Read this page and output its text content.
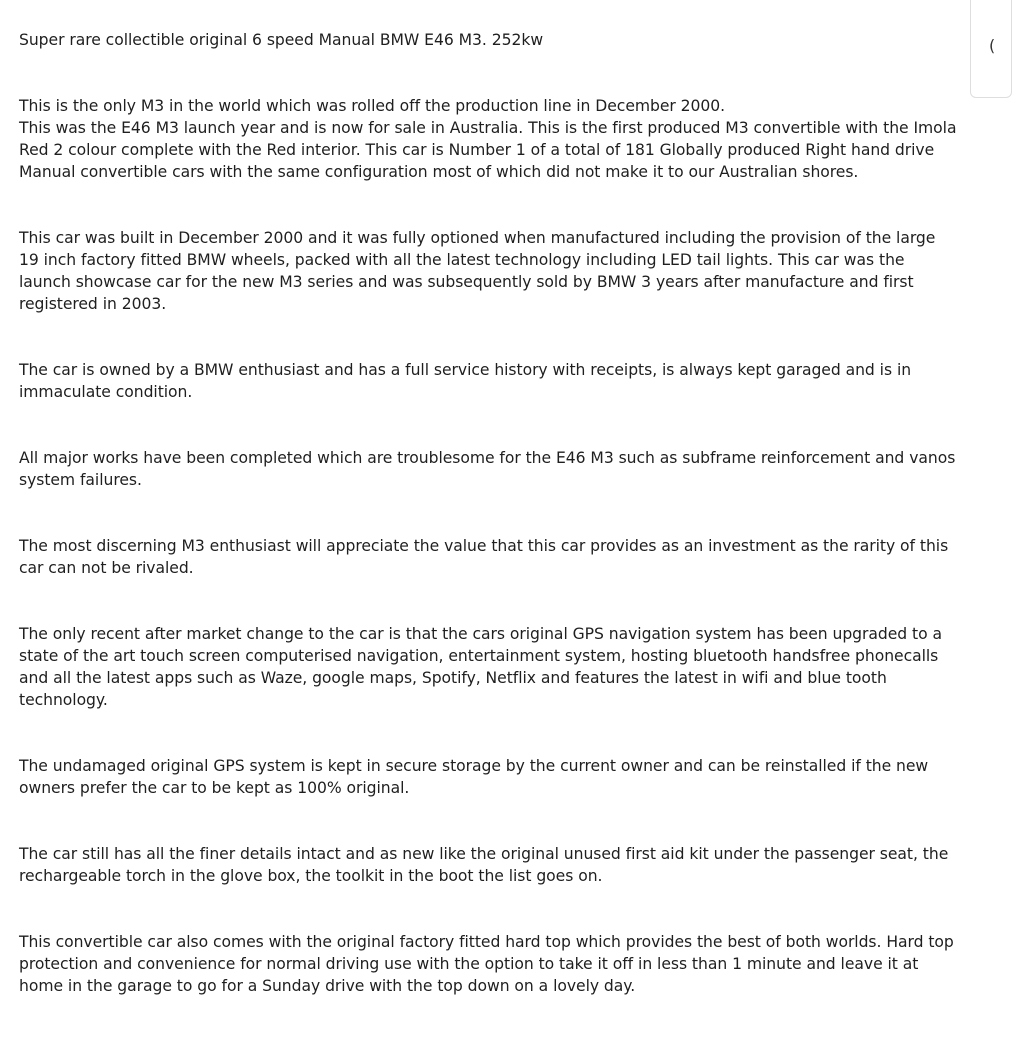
Super rare collectible original 6 speed Manual BMW E46 M3. 252kw

This is the only M3 in the world which was rolled off the production line in December 2000.
This was the E46 M3 launch year and is now for sale in Australia. This is the first produced M3 convertible with the Imola Red 2 colour complete with the Red interior. This car is Number 1 of a total of 181 Globally produced Right hand drive Manual convertible cars with the same configuration most of which did not make it to our Australian shores.

This car was built in December 2000 and it was fully optioned when manufactured including the provision of the large 19 inch factory fitted BMW wheels, packed with all the latest technology including LED tail lights. This car was the launch showcase car for the new M3 series and was subsequently sold by BMW 3 years after manufacture and first registered in 2003.

The car is owned by a BMW enthusiast and has a full service history with receipts, is always kept garaged and is in immaculate condition.

All major works have been completed which are troublesome for the E46 M3 such as subframe reinforcement and vanos system failures.

The most discerning M3 enthusiast will appreciate the value that this car provides as an investment as the rarity of this car can not be rivaled.

The only recent after market change to the car is that the cars original GPS navigation system has been upgraded to a state of the art touch screen computerised navigation, entertainment system, hosting bluetooth handsfree phonecalls and all the latest apps such as Waze, google maps, Spotify, Netflix and features the latest in wifi and blue tooth technology.

The undamaged original GPS system is kept in secure storage by the current owner and can be reinstalled if the new owners prefer the car to be kept as 100% original.

The car still has all the finer details intact and as new like the original unused first aid kit under the passenger seat, the rechargeable torch in the glove box, the toolkit in the boot the list goes on.

This convertible car also comes with the original factory fitted hard top which provides the best of both worlds. Hard top protection and convenience for normal driving use with the option to take it off in less than 1 minute and leave it at home in the garage to go for a Sunday drive with the top down on a lovely day.

(
